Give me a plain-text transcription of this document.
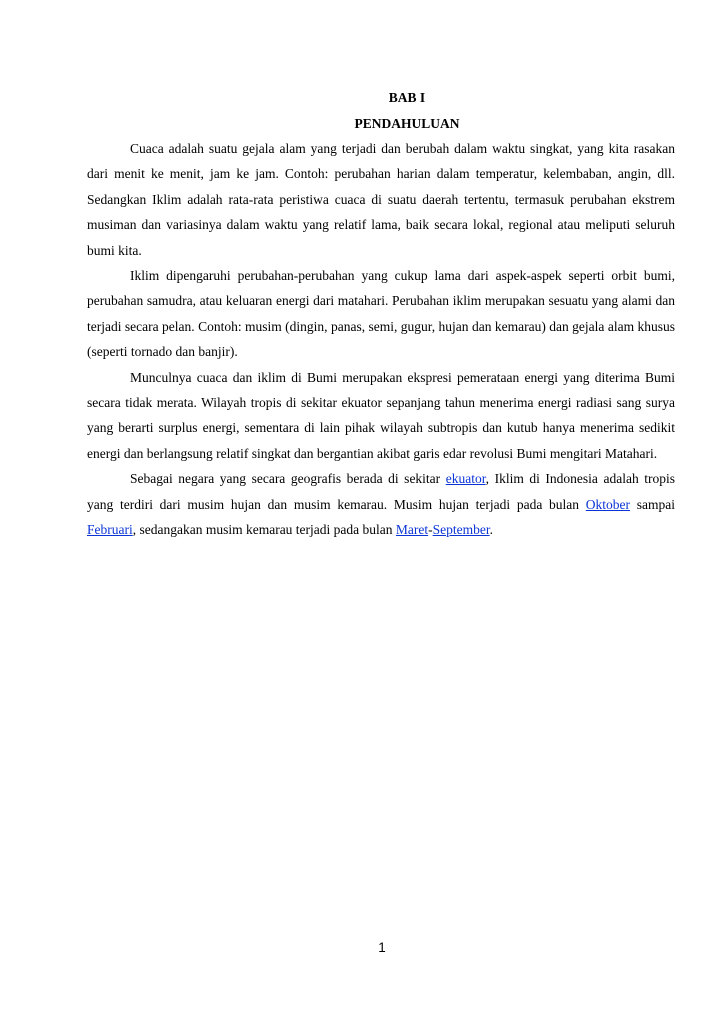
BAB I

PENDAHULUAN

Cuaca adalah suatu gejala alam yang terjadi dan berubah dalam waktu singkat, yang kita rasakan dari menit ke menit, jam ke jam. Contoh: perubahan harian dalam temperatur, kelembaban, angin, dll. Sedangkan Iklim adalah rata-rata peristiwa cuaca di suatu daerah tertentu, termasuk perubahan ekstrem musiman dan variasinya dalam waktu yang relatif lama, baik secara lokal, regional atau meliputi seluruh bumi kita.

Iklim dipengaruhi perubahan-perubahan yang cukup lama dari aspek-aspek seperti orbit bumi, perubahan samudra, atau keluaran energi dari matahari. Perubahan iklim merupakan sesuatu yang alami dan terjadi secara pelan. Contoh: musim (dingin, panas, semi, gugur, hujan dan kemarau) dan gejala alam khusus (seperti tornado dan banjir).

Munculnya cuaca dan iklim di Bumi merupakan ekspresi pemerataan energi yang diterima Bumi secara tidak merata. Wilayah tropis di sekitar ekuator sepanjang tahun menerima energi radiasi sang surya yang berarti surplus energi, sementara di lain pihak wilayah subtropis dan kutub hanya menerima sedikit energi dan berlangsung relatif singkat dan bergantian akibat garis edar revolusi Bumi mengitari Matahari.

Sebagai negara yang secara geografis berada di sekitar ekuator, Iklim di Indonesia adalah tropis yang terdiri dari musim hujan dan musim kemarau. Musim hujan terjadi pada bulan Oktober sampai Februari, sedangakan musim kemarau terjadi pada bulan Maret-September.

1
